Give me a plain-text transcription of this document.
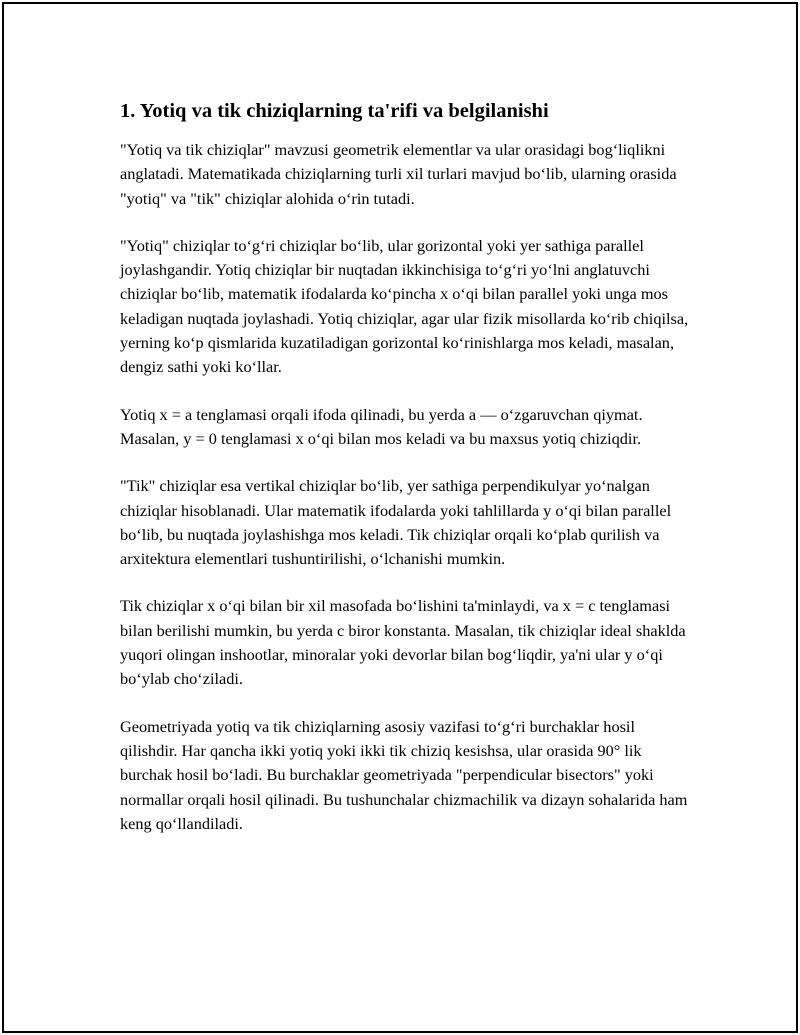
1. Yotiq va tik chiziqlarning ta'rifi va belgilanishi

"Yotiq va tik chiziqlar" mavzusi geometrik elementlar va ular orasidagi bog‘liqlikni anglatadi. Matematikada chiziqlarning turli xil turlari mavjud bo‘lib, ularning orasida "yotiq" va "tik" chiziqlar alohida o‘rin tutadi.

"Yotiq" chiziqlar to‘g‘ri chiziqlar bo‘lib, ular gorizontal yoki yer sathiga parallel joylashgandir. Yotiq chiziqlar bir nuqtadan ikkinchisiga to‘g‘ri yo‘lni anglatuvchi chiziqlar bo‘lib, matematik ifodalarda ko‘pincha x o‘qi bilan parallel yoki unga mos keladigan nuqtada joylashadi. Yotiq chiziqlar, agar ular fizik misollarda ko‘rib chiqilsa, yerning ko‘p qismlarida kuzatiladigan gorizontal ko‘rinishlarga mos keladi, masalan, dengiz sathi yoki ko‘llar.

Yotiq x = a tenglamasi orqali ifoda qilinadi, bu yerda a — o‘zgaruvchan qiymat. Masalan, y = 0 tenglamasi x o‘qi bilan mos keladi va bu maxsus yotiq chiziqdir.

"Tik" chiziqlar esa vertikal chiziqlar bo‘lib, yer sathiga perpendikulyar yo‘nalgan chiziqlar hisoblanadi. Ular matematik ifodalarda yoki tahlillarda y o‘qi bilan parallel bo‘lib, bu nuqtada joylashishga mos keladi. Tik chiziqlar orqali ko‘plab qurilish va arxitektura elementlari tushuntirilishi, o‘lchanishi mumkin.

Tik chiziqlar x o‘qi bilan bir xil masofada bo‘lishini ta'minlaydi, va x = c tenglamasi bilan berilishi mumkin, bu yerda c biror konstanta. Masalan, tik chiziqlar ideal shaklda yuqori olingan inshootlar, minoralar yoki devorlar bilan bog‘liqdir, ya'ni ular y o‘qi bo‘ylab cho‘ziladi.

Geometriyada yotiq va tik chiziqlarning asosiy vazifasi to‘g‘ri burchaklar hosil qilishdir. Har qancha ikki yotiq yoki ikki tik chiziq kesishsa, ular orasida 90° lik burchak hosil bo‘ladi. Bu burchaklar geometriyada "perpendicular bisectors" yoki normallar orqali hosil qilinadi. Bu tushunchalar chizmachilik va dizayn sohalarida ham keng qo‘llandiladi.
